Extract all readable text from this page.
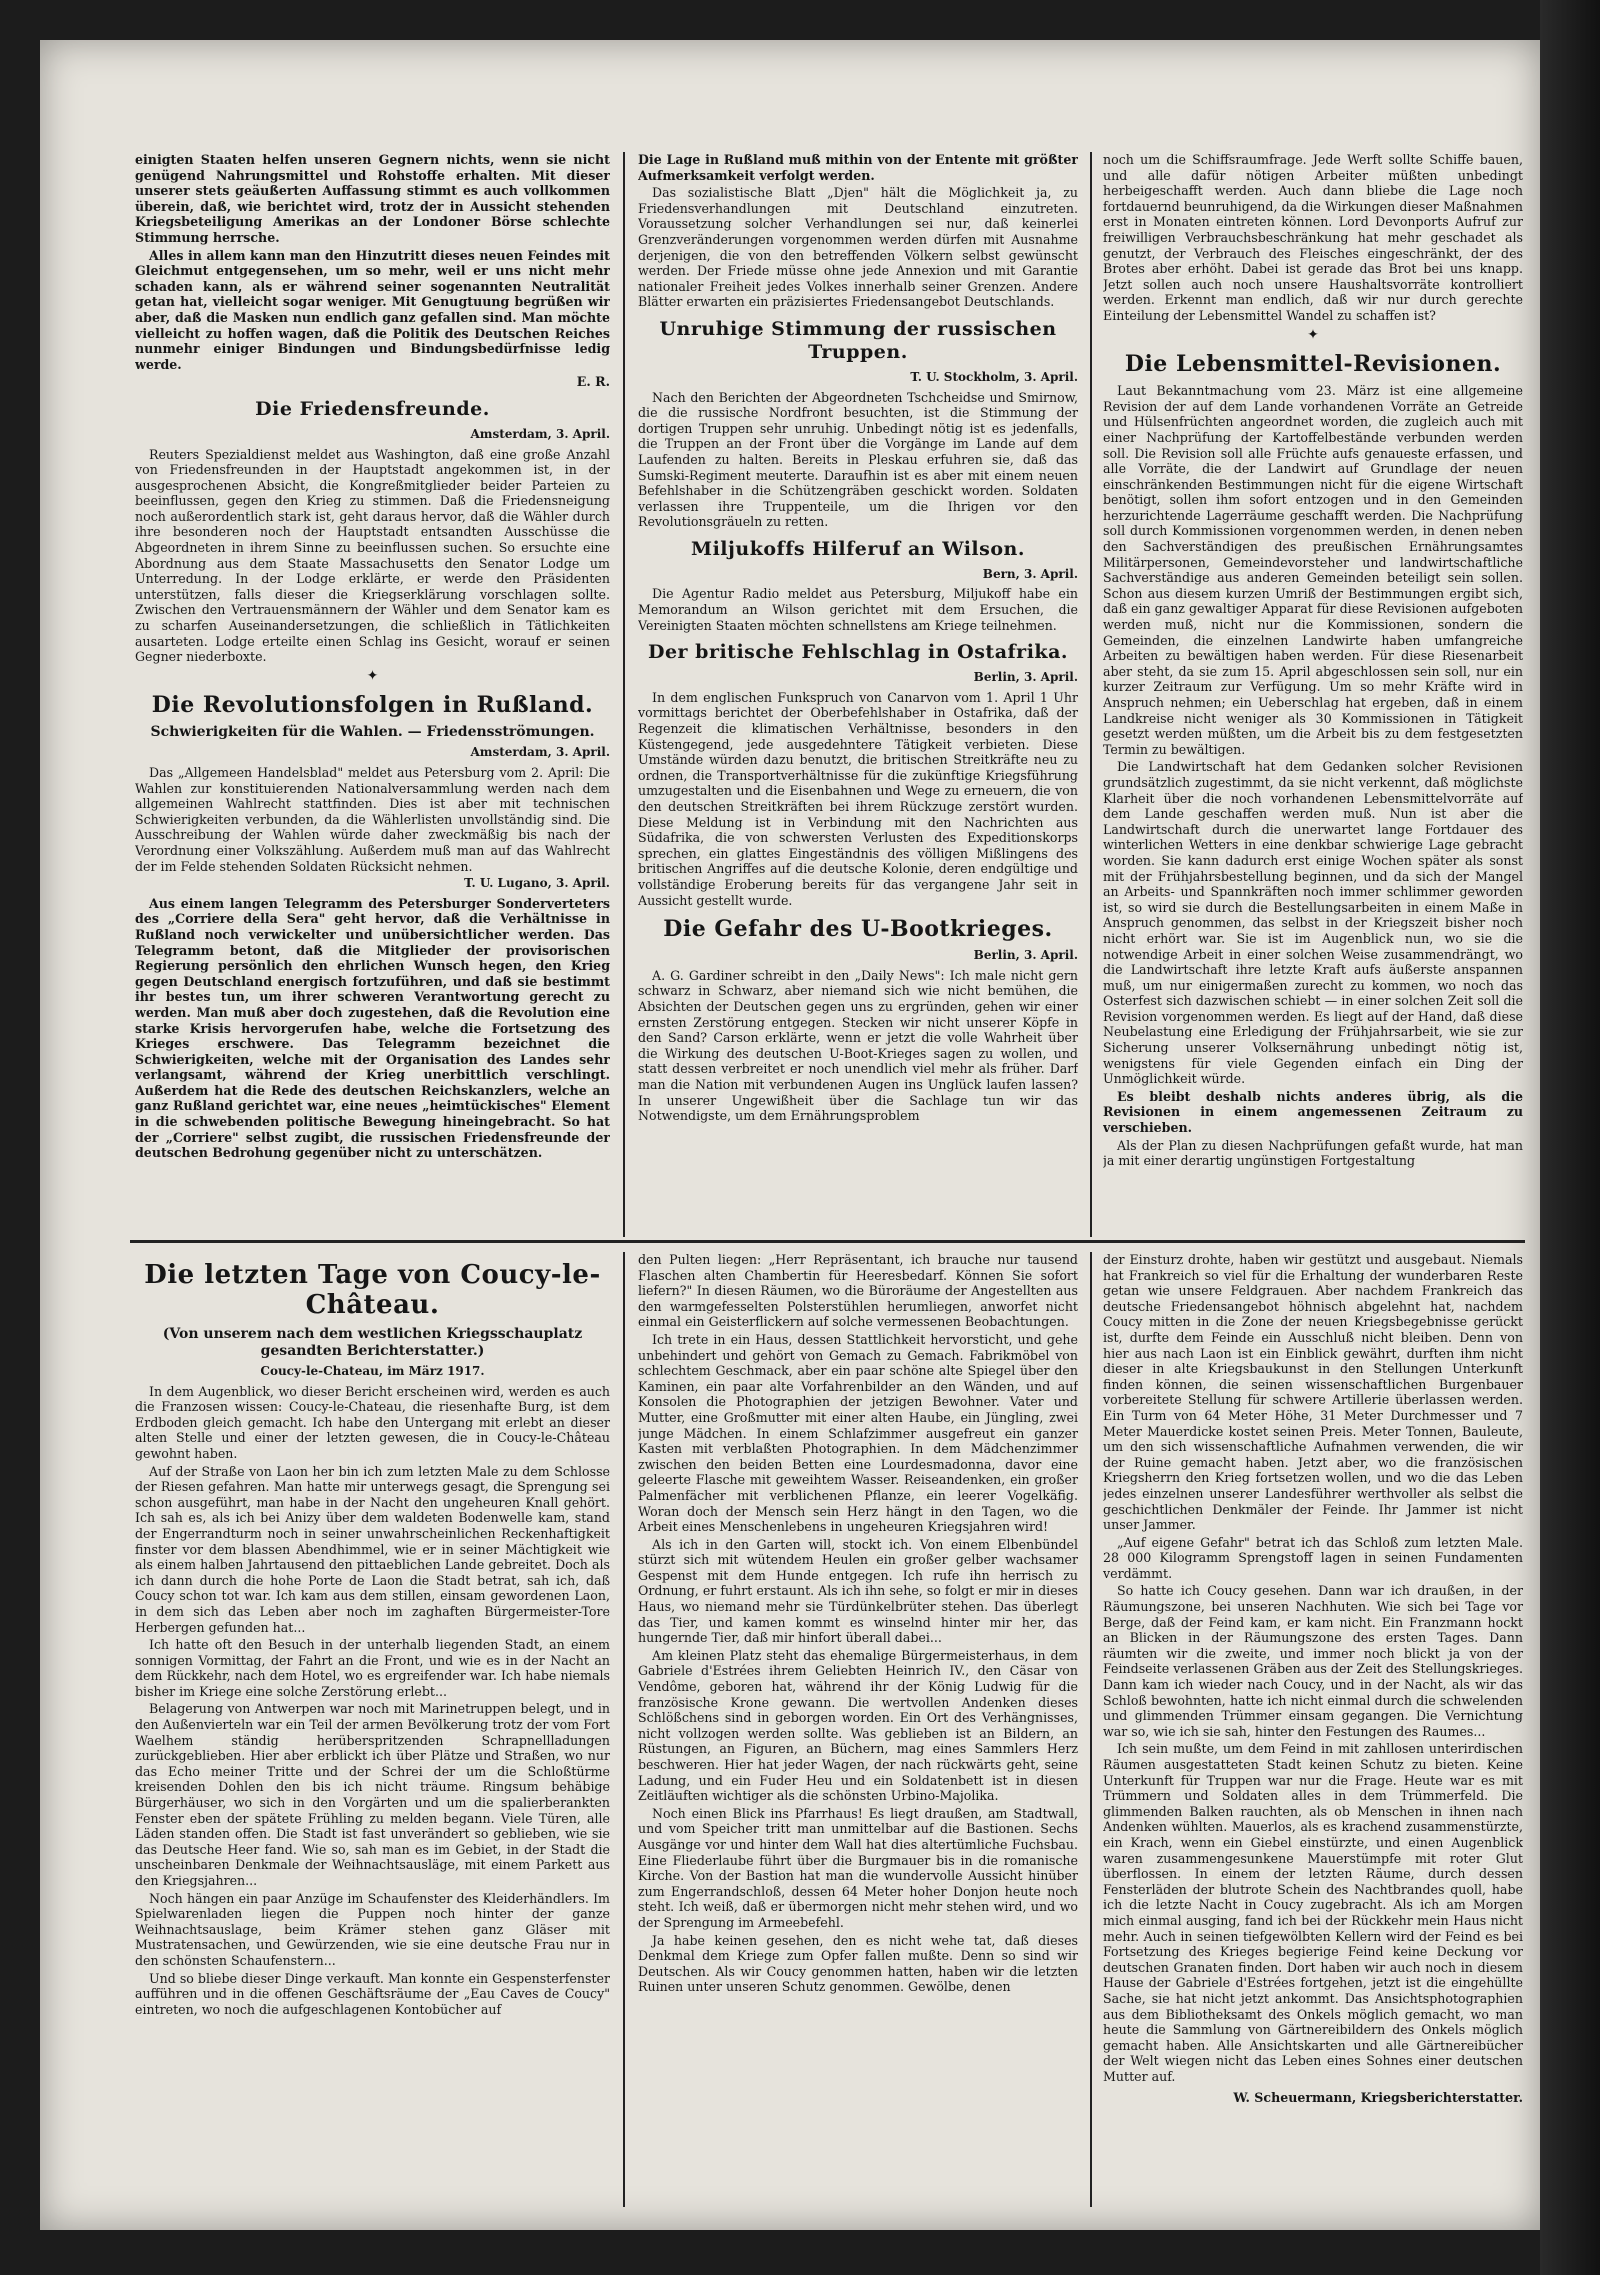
einigten Staaten helfen unseren Gegnern nichts, wenn sie nicht genügend Nahrungsmittel und Rohstoffe erhalten. Mit dieser unserer stets geäußerten Auffassung stimmt es auch vollkommen überein, daß, wie berichtet wird, trotz der in Aussicht stehenden Kriegsbeteiligung Amerikas an der Londoner Börse schlechte Stimmung herrsche.

Alles in allem kann man den Hinzutritt dieses neuen Feindes mit Gleichmut entgegensehen, um so mehr, weil er uns nicht mehr schaden kann, als er während seiner sogenannten Neutralität getan hat, vielleicht sogar weniger. Mit Genugtuung begrüßen wir aber, daß die Masken nun endlich ganz gefallen sind. Man möchte vielleicht zu hoffen wagen, daß die Politik des Deutschen Reiches nunmehr einiger Bindungen und Bindungsbedürfnisse ledig werde.

E. R.
Die Friedensfreunde.
Amsterdam, 3. April.

Reuters Spezialdienst meldet aus Washington, daß eine große Anzahl von Friedensfreunden in der Hauptstadt angekommen ist, in der ausgesprochenen Absicht, die Kongreßmitglieder beider Parteien zu beeinflussen, gegen den Krieg zu stimmen. Daß die Friedensneigung noch außerordentlich stark ist, geht daraus hervor, daß die Wähler durch ihre besonderen noch der Hauptstadt entsandten Ausschüsse die Abgeordneten in ihrem Sinne zu beeinflussen suchen. So ersuchte eine Abordnung aus dem Staate Massachusetts den Senator Lodge um Unterredung. In der Lodge erklärte, er werde den Präsidenten unterstützen, falls dieser die Kriegserklärung vorschlagen sollte. Zwischen den Vertrauensmännern der Wähler und dem Senator kam es zu scharfen Auseinandersetzungen, die schließlich in Tätlichkeiten ausarteten. Lodge erteilte einen Schlag ins Gesicht, worauf er seinen Gegner niederboxte.

✦
Die Revolutionsfolgen in Rußland.
Schwierigkeiten für die Wahlen. — Friedensströmungen.
Amsterdam, 3. April.

Das „Allgemeen Handelsblad" meldet aus Petersburg vom 2. April: Die Wahlen zur konstituierenden Nationalversammlung werden nach dem allgemeinen Wahlrecht stattfinden. Dies ist aber mit technischen Schwierigkeiten verbunden, da die Wählerlisten unvollständig sind. Die Ausschreibung der Wahlen würde daher zweckmäßig bis nach der Verordnung einer Volkszählung. Außerdem muß man auf das Wahlrecht der im Felde stehenden Soldaten Rücksicht nehmen.

T. U. Lugano, 3. April.

Aus einem langen Telegramm des Petersburger Sonderverteters des „Corriere della Sera" geht hervor, daß die Verhältnisse in Rußland noch verwickelter und unübersichtlicher werden. Das Telegramm betont, daß die Mitglieder der provisorischen Regierung persönlich den ehrlichen Wunsch hegen, den Krieg gegen Deutschland energisch fortzuführen, und daß sie bestimmt ihr bestes tun, um ihrer schweren Verantwortung gerecht zu werden. Man muß aber doch zugestehen, daß die Revolution eine starke Krisis hervorgerufen habe, welche die Fortsetzung des Krieges erschwere. Das Telegramm bezeichnet die Schwierigkeiten, welche mit der Organisation des Landes sehr verlangsamt, während der Krieg unerbittlich verschlingt. Außerdem hat die Rede des deutschen Reichskanzlers, welche an ganz Rußland gerichtet war, eine neues „heimtückisches" Element in die schwebenden politische Bewegung hineingebracht. So hat der „Corriere" selbst zugibt, die russischen Friedensfreunde der deutschen Bedrohung gegenüber nicht zu unterschätzen.

Die Lage in Rußland muß mithin von der Entente mit größter Aufmerksamkeit verfolgt werden.

Das sozialistische Blatt „Djen" hält die Möglichkeit ja, zu Friedensverhandlungen mit Deutschland einzutreten. Voraussetzung solcher Verhandlungen sei nur, daß keinerlei Grenzveränderungen vorgenommen werden dürfen mit Ausnahme derjenigen, die von den betreffenden Völkern selbst gewünscht werden. Der Friede müsse ohne jede Annexion und mit Garantie nationaler Freiheit jedes Volkes innerhalb seiner Grenzen. Andere Blätter erwarten ein präzisiertes Friedensangebot Deutschlands.

Unruhige Stimmung der russischen Truppen.
T. U. Stockholm, 3. April.

Nach den Berichten der Abgeordneten Tschcheidse und Smirnow, die die russische Nordfront besuchten, ist die Stimmung der dortigen Truppen sehr unruhig. Unbedingt nötig ist es jedenfalls, die Truppen an der Front über die Vorgänge im Lande auf dem Laufenden zu halten. Bereits in Pleskau erfuhren sie, daß das Sumski-Regiment meuterte. Daraufhin ist es aber mit einem neuen Befehlshaber in die Schützengräben geschickt worden. Soldaten verlassen ihre Truppenteile, um die Ihrigen vor den Revolutionsgräueln zu retten.

Miljukoffs Hilferuf an Wilson.
Bern, 3. April.

Die Agentur Radio meldet aus Petersburg, Miljukoff habe ein Memorandum an Wilson gerichtet mit dem Ersuchen, die Vereinigten Staaten möchten schnellstens am Kriege teilnehmen.

Der britische Fehlschlag in Ostafrika.
Berlin, 3. April.

In dem englischen Funkspruch von Canarvon vom 1. April 1 Uhr vormittags berichtet der Oberbefehlshaber in Ostafrika, daß der Regenzeit die klimatischen Verhältnisse, besonders in den Küstengegend, jede ausgedehntere Tätigkeit verbieten. Diese Umstände würden dazu benutzt, die britischen Streitkräfte neu zu ordnen, die Transportverhältnisse für die zukünftige Kriegsführung umzugestalten und die Eisenbahnen und Wege zu erneuern, die von den deutschen Streitkräften bei ihrem Rückzuge zerstört wurden. Diese Meldung ist in Verbindung mit den Nachrichten aus Südafrika, die von schwersten Verlusten des Expeditionskorps sprechen, ein glattes Eingeständnis des völligen Mißlingens des britischen Angriffes auf die deutsche Kolonie, deren endgültige und vollständige Eroberung bereits für das vergangene Jahr seit in Aussicht gestellt wurde.

Die Gefahr des U-Bootkrieges.
Berlin, 3. April.

A. G. Gardiner schreibt in den „Daily News": Ich male nicht gern schwarz in Schwarz, aber niemand sich wie nicht bemühen, die Absichten der Deutschen gegen uns zu ergründen, gehen wir einer ernsten Zerstörung entgegen. Stecken wir nicht unserer Köpfe in den Sand? Carson erklärte, wenn er jetzt die volle Wahrheit über die Wirkung des deutschen U-Boot-Krieges sagen zu wollen, und statt dessen verbreitet er noch unendlich viel mehr als früher. Darf man die Nation mit verbundenen Augen ins Unglück laufen lassen? In unserer Ungewißheit über die Sachlage tun wir das Notwendigste, um dem Ernährungsproblem

noch um die Schiffsraumfrage. Jede Werft sollte Schiffe bauen, und alle dafür nötigen Arbeiter müßten unbedingt herbeigeschafft werden. Auch dann bliebe die Lage noch fortdauernd beunruhigend, da die Wirkungen dieser Maßnahmen erst in Monaten eintreten können. Lord Devonports Aufruf zur freiwilligen Verbrauchsbeschränkung hat mehr geschadet als genutzt, der Verbrauch des Fleisches eingeschränkt, der des Brotes aber erhöht. Dabei ist gerade das Brot bei uns knapp. Jetzt sollen auch noch unsere Haushaltsvorräte kontrolliert werden. Erkennt man endlich, daß wir nur durch gerechte Einteilung der Lebensmittel Wandel zu schaffen ist?

✦
Die Lebensmittel-Revisionen.

Laut Bekanntmachung vom 23. März ist eine allgemeine Revision der auf dem Lande vorhandenen Vorräte an Getreide und Hülsenfrüchten angeordnet worden, die zugleich auch mit einer Nachprüfung der Kartoffelbestände verbunden werden soll. Die Revision soll alle Früchte aufs genaueste erfassen, und alle Vorräte, die der Landwirt auf Grundlage der neuen einschränkenden Bestimmungen nicht für die eigene Wirtschaft benötigt, sollen ihm sofort entzogen und in den Gemeinden herzurichtende Lagerräume geschafft werden. Die Nachprüfung soll durch Kommissionen vorgenommen werden, in denen neben den Sachverständigen des preußischen Ernährungsamtes Militärpersonen, Gemeindevorsteher und landwirtschaftliche Sachverständige aus anderen Gemeinden beteiligt sein sollen. Schon aus diesem kurzen Umriß der Bestimmungen ergibt sich, daß ein ganz gewaltiger Apparat für diese Revisionen aufgeboten werden muß, nicht nur die Kommissionen, sondern die Gemeinden, die einzelnen Landwirte haben umfangreiche Arbeiten zu bewältigen haben werden. Für diese Riesenarbeit aber steht, da sie zum 15. April abgeschlossen sein soll, nur ein kurzer Zeitraum zur Verfügung. Um so mehr Kräfte wird in Anspruch nehmen; ein Ueberschlag hat ergeben, daß in einem Landkreise nicht weniger als 30 Kommissionen in Tätigkeit gesetzt werden müßten, um die Arbeit bis zu dem festgesetzten Termin zu bewältigen.

Die Landwirtschaft hat dem Gedanken solcher Revisionen grundsätzlich zugestimmt, da sie nicht verkennt, daß möglichste Klarheit über die noch vorhandenen Lebensmittelvorräte auf dem Lande geschaffen werden muß. Nun ist aber die Landwirtschaft durch die unerwartet lange Fortdauer des winterlichen Wetters in eine denkbar schwierige Lage gebracht worden. Sie kann dadurch erst einige Wochen später als sonst mit der Frühjahrsbestellung beginnen, und da sich der Mangel an Arbeits- und Spannkräften noch immer schlimmer geworden ist, so wird sie durch die Bestellungsarbeiten in einem Maße in Anspruch genommen, das selbst in der Kriegszeit bisher noch nicht erhört war. Sie ist im Augenblick nun, wo sie die notwendige Arbeit in einer solchen Weise zusammendrängt, wo die Landwirtschaft ihre letzte Kraft aufs äußerste anspannen muß, um nur einigermaßen zurecht zu kommen, wo noch das Osterfest sich dazwischen schiebt — in einer solchen Zeit soll die Revision vorgenommen werden. Es liegt auf der Hand, daß diese Neubelastung eine Erledigung der Frühjahrsarbeit, wie sie zur Sicherung unserer Volksernährung unbedingt nötig ist, wenigstens für viele Gegenden einfach ein Ding der Unmöglichkeit würde.

Es bleibt deshalb nichts anderes übrig, als die Revisionen in einem angemessenen Zeitraum zu verschieben.

Als der Plan zu diesen Nachprüfungen gefaßt wurde, hat man ja mit einer derartig ungünstigen Fortgestaltung

Die letzten Tage von Coucy-le-Château.
(Von unserem nach dem westlichen Kriegsschauplatz gesandten Berichterstatter.)
Coucy-le-Chateau, im März 1917.

In dem Augenblick, wo dieser Bericht erscheinen wird, werden es auch die Franzosen wissen: Coucy-le-Chateau, die riesenhafte Burg, ist dem Erdboden gleich gemacht. Ich habe den Untergang mit erlebt an dieser alten Stelle und einer der letzten gewesen, die in Coucy-le-Château gewohnt haben.

Auf der Straße von Laon her bin ich zum letzten Male zu dem Schlosse der Riesen gefahren. Man hatte mir unterwegs gesagt, die Sprengung sei schon ausgeführt, man habe in der Nacht den ungeheuren Knall gehört. Ich sah es, als ich bei Anizy über dem waldeten Bodenwelle kam, stand der Engerrandturm noch in seiner unwahrscheinlichen Reckenhaftigkeit finster vor dem blassen Abendhimmel, wie er in seiner Mächtigkeit wie als einem halben Jahrtausend den pittaeblichen Lande gebreitet. Doch als ich dann durch die hohe Porte de Laon die Stadt betrat, sah ich, daß Coucy schon tot war. Ich kam aus dem stillen, einsam gewordenen Laon, in dem sich das Leben aber noch im zaghaften Bürgermeister-Tore Herbergen gefunden hat...

Ich hatte oft den Besuch in der unterhalb liegenden Stadt, an einem sonnigen Vormittag, der Fahrt an die Front, und wie es in der Nacht an dem Rückkehr, nach dem Hotel, wo es ergreifender war. Ich habe niemals bisher im Kriege eine solche Zerstörung erlebt...

Belagerung von Antwerpen war noch mit Marinetruppen belegt, und in den Außenvierteln war ein Teil der armen Bevölkerung trotz der vom Fort Waelhem ständig herüberspritzenden Schrapnellladungen zurückgeblieben. Hier aber erblickt ich über Plätze und Straßen, wo nur das Echo meiner Tritte und der Schrei der um die Schloßtürme kreisenden Dohlen den bis ich nicht träume. Ringsum behäbige Bürgerhäuser, wo sich in den Vorgärten und um die spalierberankten Fenster eben der spätete Frühling zu melden begann. Viele Türen, alle Läden standen offen. Die Stadt ist fast unverändert so geblieben, wie sie das Deutsche Heer fand. Wie so, sah man es im Gebiet, in der Stadt die unscheinbaren Denkmale der Weihnachtsausläge, mit einem Parkett aus den Kriegsjahren...

Noch hängen ein paar Anzüge im Schaufenster des Kleiderhändlers. Im Spielwarenladen liegen die Puppen noch hinter der ganze Weihnachtsauslage, beim Krämer stehen ganz Gläser mit Mustratensachen, und Gewürzenden, wie sie eine deutsche Frau nur in den schönsten Schaufenstern...

Und so bliebe dieser Dinge verkauft. Man konnte ein Gespensterfenster aufführen und in die offenen Geschäftsräume der „Eau Caves de Coucy" eintreten, wo noch die aufgeschlagenen Kontobücher auf

den Pulten liegen: „Herr Repräsentant, ich brauche nur tausend Flaschen alten Chambertin für Heeresbedarf. Können Sie sofort liefern?" In diesen Räumen, wo die Büroräume der Angestellten aus den warmgefesselten Polsterstühlen herumliegen, anworfet nicht einmal ein Geisterflickern auf solche vermessenen Beobachtungen.

Ich trete in ein Haus, dessen Stattlichkeit hervorsticht, und gehe unbehindert und gehört von Gemach zu Gemach. Fabrikmöbel von schlechtem Geschmack, aber ein paar schöne alte Spiegel über den Kaminen, ein paar alte Vorfahrenbilder an den Wänden, und auf Konsolen die Photographien der jetzigen Bewohner. Vater und Mutter, eine Großmutter mit einer alten Haube, ein Jüngling, zwei junge Mädchen. In einem Schlafzimmer ausgefreut ein ganzer Kasten mit verblaßten Photographien. In dem Mädchenzimmer zwischen den beiden Betten eine Lourdesmadonna, davor eine geleerte Flasche mit geweihtem Wasser. Reiseandenken, ein großer Palmenfächer mit verblichenen Pflanze, ein leerer Vogelkäfig. Woran doch der Mensch sein Herz hängt in den Tagen, wo die Arbeit eines Menschenlebens in ungeheuren Kriegsjahren wird!

Als ich in den Garten will, stockt ich. Von einem Elbenbündel stürzt sich mit wütendem Heulen ein großer gelber wachsamer Gespenst mit dem Hunde entgegen. Ich rufe ihn herrisch zu Ordnung, er fuhrt erstaunt. Als ich ihn sehe, so folgt er mir in dieses Haus, wo niemand mehr sie Türdünkelbrüter stehen. Das überlegt das Tier, und kamen kommt es winselnd hinter mir her, das hungernde Tier, daß mir hinfort überall dabei...

Am kleinen Platz steht das ehemalige Bürgermeisterhaus, in dem Gabriele d'Estrées ihrem Geliebten Heinrich IV., den Cäsar von Vendôme, geboren hat, während ihr der König Ludwig für die französische Krone gewann. Die wertvollen Andenken dieses Schlößchens sind in geborgen worden. Ein Ort des Verhängnisses, nicht vollzogen werden sollte. Was geblieben ist an Bildern, an Rüstungen, an Figuren, an Büchern, mag eines Sammlers Herz beschweren. Hier hat jeder Wagen, der nach rückwärts geht, seine Ladung, und ein Fuder Heu und ein Soldatenbett ist in diesen Zeitläuften wichtiger als die schönsten Urbino-Majolika.

Noch einen Blick ins Pfarrhaus! Es liegt draußen, am Stadtwall, und vom Speicher tritt man unmittelbar auf die Bastionen. Sechs Ausgänge vor und hinter dem Wall hat dies altertümliche Fuchsbau. Eine Fliederlaube führt über die Burgmauer bis in die romanische Kirche. Von der Bastion hat man die wundervolle Aussicht hinüber zum Engerrandschloß, dessen 64 Meter hoher Donjon heute noch steht. Ich weiß, daß er übermorgen nicht mehr stehen wird, und wo der Sprengung im Armeebefehl.

Ja habe keinen gesehen, den es nicht wehe tat, daß dieses Denkmal dem Kriege zum Opfer fallen mußte. Denn so sind wir Deutschen. Als wir Coucy genommen hatten, haben wir die letzten Ruinen unter unseren Schutz genommen. Gewölbe, denen

der Einsturz drohte, haben wir gestützt und ausgebaut. Niemals hat Frankreich so viel für die Erhaltung der wunderbaren Reste getan wie unsere Feldgrauen. Aber nachdem Frankreich das deutsche Friedensangebot höhnisch abgelehnt hat, nachdem Coucy mitten in die Zone der neuen Kriegsbegebnisse gerückt ist, durfte dem Feinde ein Ausschluß nicht bleiben. Denn von hier aus nach Laon ist ein Einblick gewährt, durften ihm nicht dieser in alte Kriegsbaukunst in den Stellungen Unterkunft finden können, die seinen wissenschaftlichen Burgenbauer vorbereitete Stellung für schwere Artillerie überlassen werden. Ein Turm von 64 Meter Höhe, 31 Meter Durchmesser und 7 Meter Mauerdicke kostet seinen Preis. Meter Tonnen, Bauleute, um den sich wissenschaftliche Aufnahmen verwenden, die wir der Ruine gemacht haben. Jetzt aber, wo die französischen Kriegsherrn den Krieg fortsetzen wollen, und wo die das Leben jedes einzelnen unserer Landesführer werthvoller als selbst die geschichtlichen Denkmäler der Feinde. Ihr Jammer ist nicht unser Jammer.

„Auf eigene Gefahr" betrat ich das Schloß zum letzten Male. 28 000 Kilogramm Sprengstoff lagen in seinen Fundamenten verdämmt.

So hatte ich Coucy gesehen. Dann war ich draußen, in der Räumungszone, bei unseren Nachhuten. Wie sich bei Tage vor Berge, daß der Feind kam, er kam nicht. Ein Franzmann hockt an Blicken in der Räumungszone des ersten Tages. Dann räumten wir die zweite, und immer noch blickt ja von der Feindseite verlassenen Gräben aus der Zeit des Stellungskrieges. Dann kam ich wieder nach Coucy, und in der Nacht, als wir das Schloß bewohnten, hatte ich nicht einmal durch die schwelenden und glimmenden Trümmer einsam gegangen. Die Vernichtung war so, wie ich sie sah, hinter den Festungen des Raumes...

Ich sein mußte, um dem Feind in mit zahllosen unterirdischen Räumen ausgestatteten Stadt keinen Schutz zu bieten. Keine Unterkunft für Truppen war nur die Frage. Heute war es mit Trümmern und Soldaten alles in dem Trümmerfeld. Die glimmenden Balken rauchten, als ob Menschen in ihnen nach Andenken wühlten. Mauerlos, als es krachend zusammenstürzte, ein Krach, wenn ein Giebel einstürzte, und einen Augenblick waren zusammengesunkene Mauerstümpfe mit roter Glut überflossen. In einem der letzten Räume, durch dessen Fensterläden der blutrote Schein des Nachtbrandes quoll, habe ich die letzte Nacht in Coucy zugebracht. Als ich am Morgen mich einmal ausging, fand ich bei der Rückkehr mein Haus nicht mehr. Auch in seinen tiefgewölbten Kellern wird der Feind es bei Fortsetzung des Krieges begierige Feind keine Deckung vor deutschen Granaten finden. Dort haben wir auch noch in diesem Hause der Gabriele d'Estrées fortgehen, jetzt ist die eingehüllte Sache, sie hat nicht jetzt ankommt. Das Ansichtsphotographien aus dem Bibliotheksamt des Onkels möglich gemacht, wo man heute die Sammlung von Gärtnereibildern des Onkels möglich gemacht haben. Alle Ansichtskarten und alle Gärtnereibücher der Welt wiegen nicht das Leben eines Sohnes einer deutschen Mutter auf.

W. Scheuermann, Kriegsberichterstatter.
